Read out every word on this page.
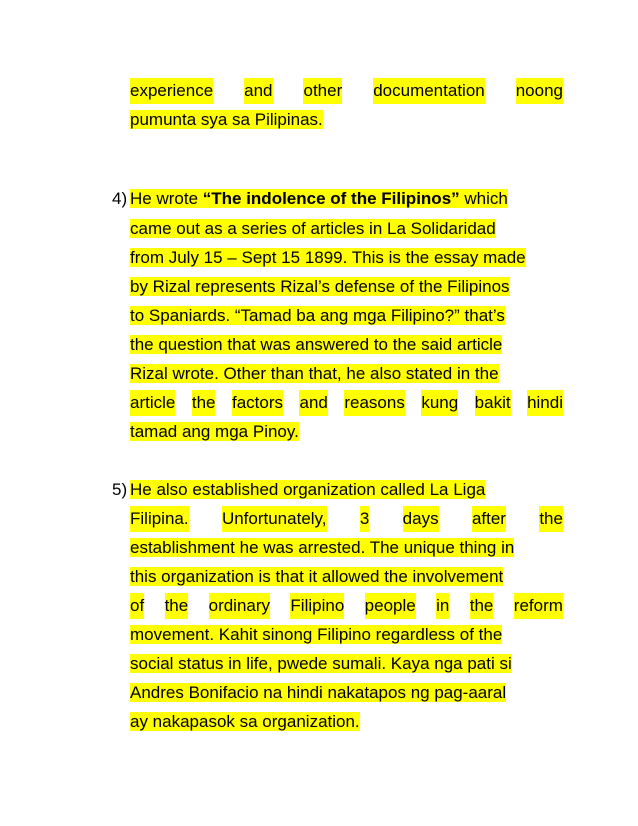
experience and other documentation noong
pumunta sya sa Pilipinas.
4) He wrote “The indolence of the Filipinos” which
came out as a series of articles in La Solidaridad
from July 15 – Sept 15 1899. This is the essay made
by Rizal represents Rizal’s defense of the Filipinos
to Spaniards. “Tamad ba ang mga Filipino?” that’s
the question that was answered to the said article
Rizal wrote. Other than that, he also stated in the
article the factors and reasons kung bakit hindi
tamad ang mga Pinoy.
5) He also established organization called La Liga
Filipina. Unfortunately, 3 days after the
establishment he was arrested. The unique thing in
this organization is that it allowed the involvement
of the ordinary Filipino people in the reform
movement. Kahit sinong Filipino regardless of the
social status in life, pwede sumali. Kaya nga pati si
Andres Bonifacio na hindi nakatapos ng pag-aaral
ay nakapasok sa organization.
